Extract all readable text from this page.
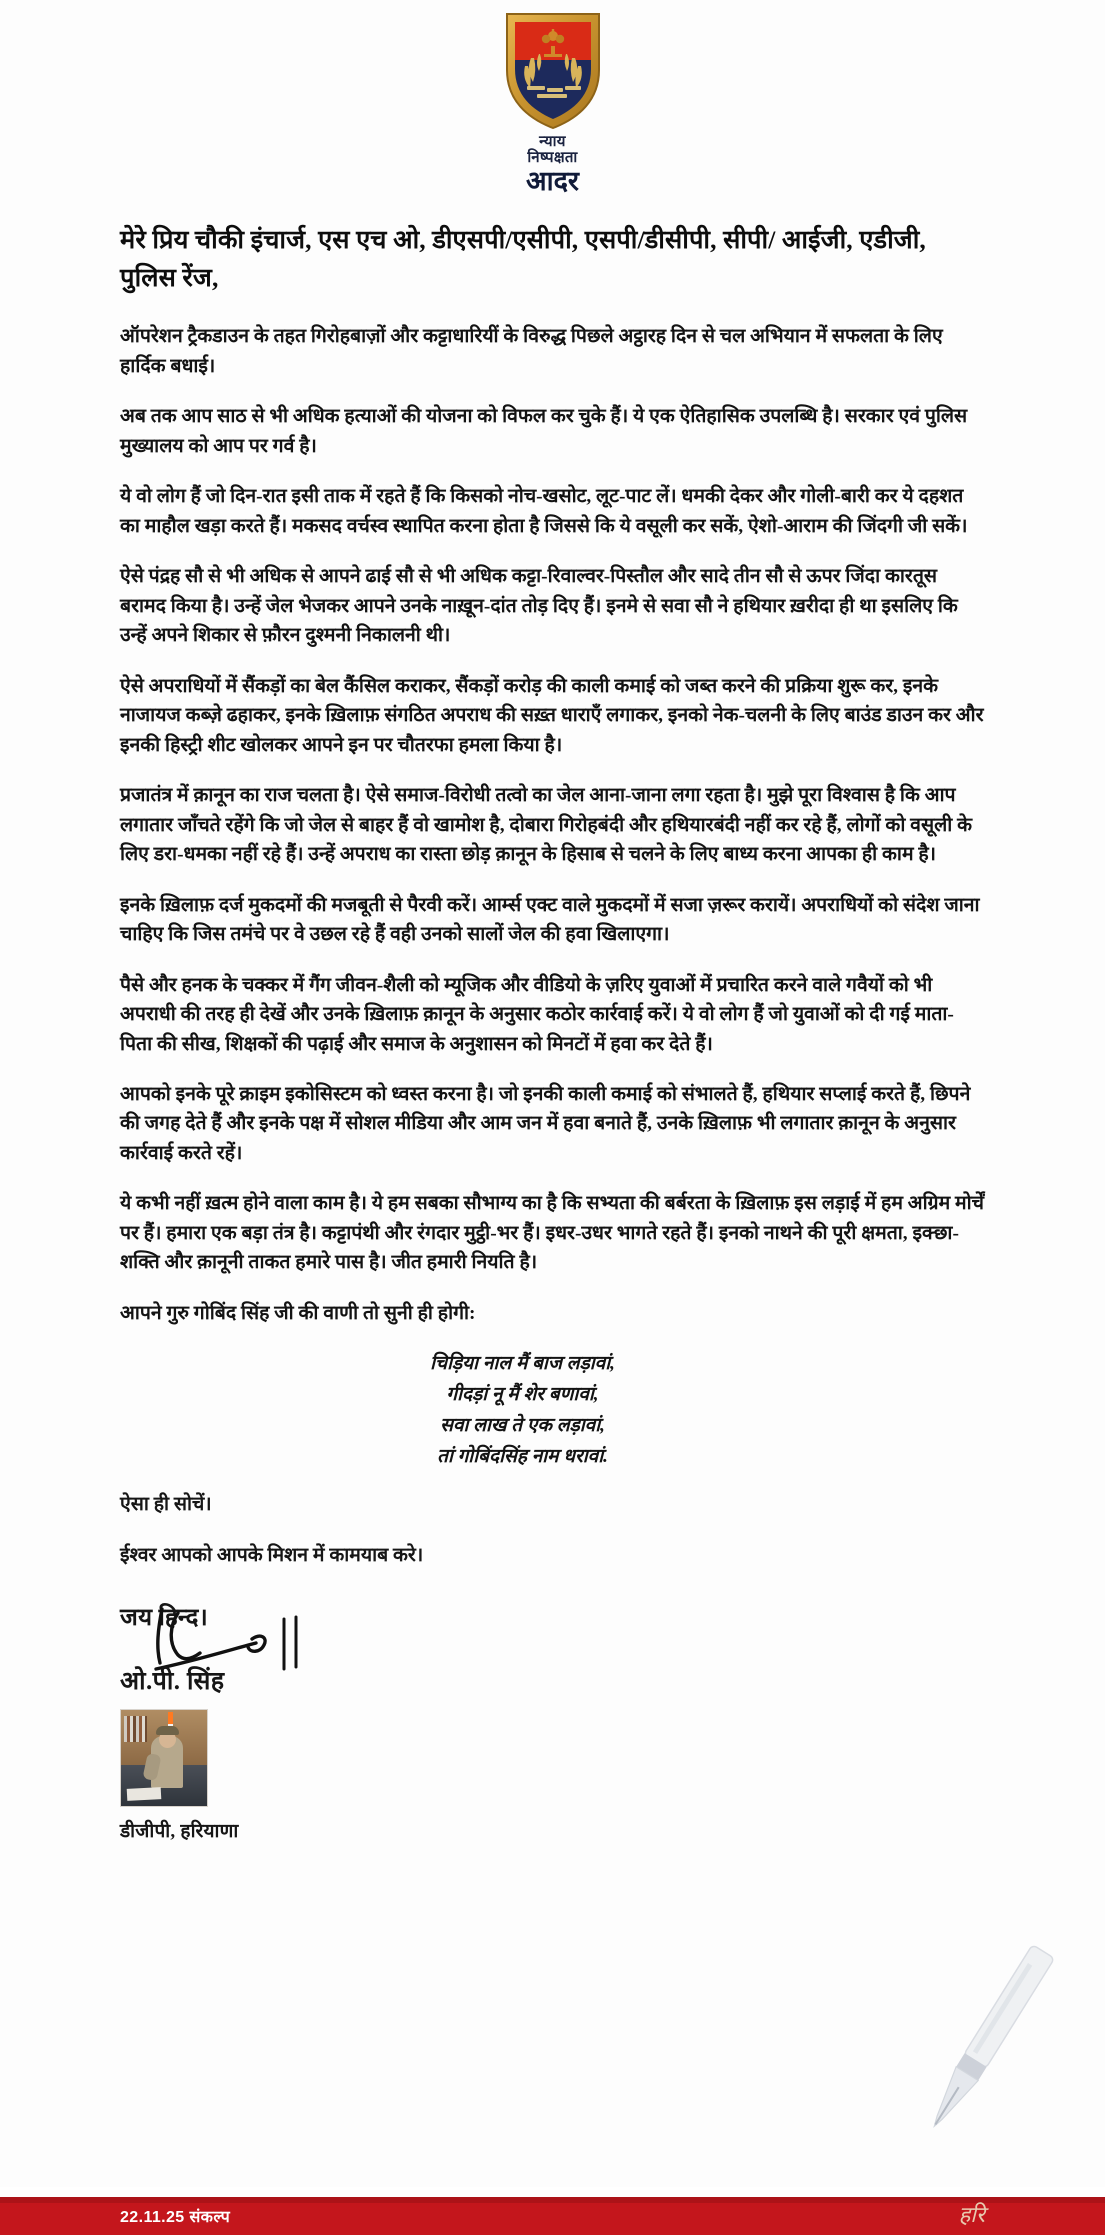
न्याय
निष्पक्षता
आदर
मेरे प्रिय चौकी इंचार्ज, एस एच ओ, डीएसपी/एसीपी, एसपी/डीसीपी, सीपी/ आईजी, एडीजी, पुलिस रेंज,

ऑपरेशन ट्रैकडाउन के तहत गिरोहबाज़ों और कट्टाधारियीं के विरुद्ध पिछले अट्ठारह दिन से चल अभियान में सफलता के लिए हार्दिक बधाई।

अब तक आप साठ से भी अधिक हत्याओं की योजना को विफल कर चुके हैं। ये एक ऐतिहासिक उपलब्धि है। सरकार एवं पुलिस मुख्यालय को आप पर गर्व है।

ये वो लोग हैं जो दिन-रात इसी ताक में रहते हैं कि किसको नोच-खसोट, लूट-पाट लें। धमकी देकर और गोली-बारी कर ये दहशत का माहौल खड़ा करते हैं। मकसद वर्चस्व स्थापित करना होता है जिससे कि ये वसूली कर सकें, ऐशो-आराम की जिंदगी जी सकें।

ऐसे पंद्रह सौ से भी अधिक से आपने ढाई सौ से भी अधिक कट्टा-रिवाल्वर-पिस्तौल और सादे तीन सौ से ऊपर जिंदा कारतूस बरामद किया है। उन्हें जेल भेजकर आपने उनके नाख़ून-दांत तोड़ दिए हैं। इनमे से सवा सौ ने हथियार ख़रीदा ही था इसलिए कि उन्हें अपने शिकार से फ़ौरन दुश्मनी निकालनी थी।

ऐसे अपराधियों में सैंकड़ों का बेल कैंसिल कराकर, सैंकड़ों करोड़ की काली कमाई को जब्त करने की प्रक्रिया शुरू कर, इनके नाजायज कब्ज़े ढहाकर, इनके ख़िलाफ़ संगठित अपराध की सख़्त धाराएँ लगाकर, इनको नेक-चलनी के लिए बाउंड डाउन कर और इनकी हिस्ट्री शीट खोलकर आपने इन पर चौतरफा हमला किया है।

प्रजातंत्र में क़ानून का राज चलता है। ऐसे समाज-विरोधी तत्वो का जेल आना-जाना लगा रहता है। मुझे पूरा विश्वास है कि आप लगातार जाँचते रहेंगे कि जो जेल से बाहर हैं वो खामोश है, दोबारा गिरोहबंदी और हथियारबंदी नहीं कर रहे हैं, लोगों को वसूली के लिए डरा-धमका नहीं रहे हैं। उन्हें अपराध का रास्ता छोड़ क़ानून के हिसाब से चलने के लिए बाध्य करना आपका ही काम है।

इनके ख़िलाफ़ दर्ज मुकदमों की मजबूती से पैरवी करें। आर्म्स एक्ट वाले मुकदमों में सजा ज़रूर करायें। अपराधियों को संदेश जाना चाहिए कि जिस तमंचे पर वे उछल रहे हैं वही उनको सालों जेल की हवा खिलाएगा।

पैसे और हनक के चक्कर में गैंग जीवन-शैली को म्यूजिक और वीडियो के ज़रिए युवाओं में प्रचारित करने वाले गवैयों को भी अपराधी की तरह ही देखें और उनके ख़िलाफ़ क़ानून के अनुसार कठोर कार्रवाई करें। ये वो लोग हैं जो युवाओं को दी गई माता-पिता की सीख, शिक्षकों की पढ़ाई और समाज के अनुशासन को मिनटों में हवा कर देते हैं।

आपको इनके पूरे क्राइम इकोसिस्टम को ध्वस्त करना है। जो इनकी काली कमाई को संभालते हैं, हथियार सप्लाई करते हैं, छिपने की जगह देते हैं और इनके पक्ष में सोशल मीडिया और आम जन में हवा बनाते हैं, उनके ख़िलाफ़ भी लगातार क़ानून के अनुसार कार्रवाई करते रहें।

ये कभी नहीं ख़त्म होने वाला काम है। ये हम सबका सौभाग्य का है कि सभ्यता की बर्बरता के ख़िलाफ़ इस लड़ाई में हम अग्रिम मोर्चें पर हैं। हमारा एक बड़ा तंत्र है। कट्टापंथी और रंगदार मुट्ठी-भर हैं। इधर-उधर भागते रहते हैं। इनको नाथने की पूरी क्षमता, इक्छा-शक्ति और क़ानूनी ताकत हमारे पास है। जीत हमारी नियति है।

आपने गुरु गोबिंद सिंह जी की वाणी तो सुनी ही होगी:

चिड़िया नाल मैं बाज लड़ावां,
गीदड़ां नू मैं शेर बणावां,
सवा लाख ते एक लड़ावां,
तां गोबिंदसिंह नाम धरावां.
ऐसा ही सोचें।
ईश्वर आपको आपके मिशन में कामयाब करे।
जय हिन्द।
ओ.पी. सिंह
डीजीपी, हरियाणा
22.11.25 संकल्प	हरि
